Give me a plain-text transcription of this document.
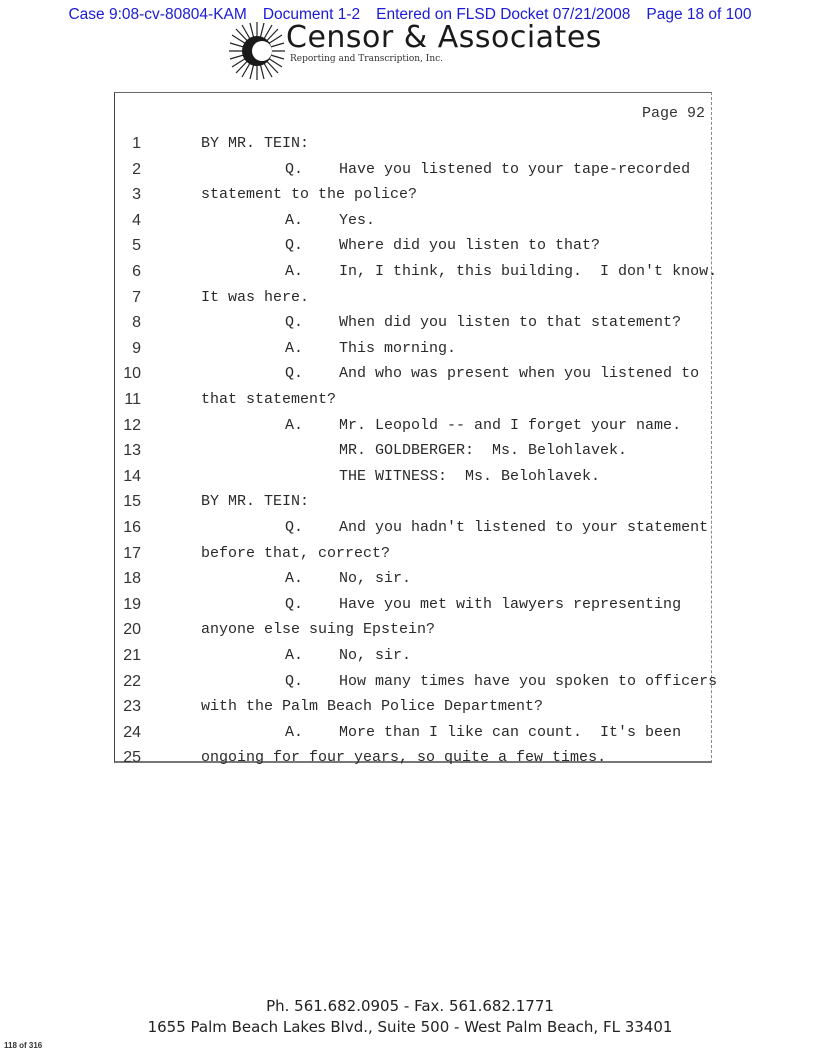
Case 9:08-cv-80804-KAM Document 1-2 Entered on FLSD Docket 07/21/2008 Page 18 of 100
Censor & Associates
Reporting and Transcription, Inc.
Page 92
1	BY MR. TEIN:
2	Q.    Have you listened to your tape-recorded
3	statement to the police?
4	A.    Yes.
5	Q.    Where did you listen to that?
6	A.    In, I think, this building.  I don't know.
7	It was here.
8	Q.    When did you listen to that statement?
9	A.    This morning.
10	Q.    And who was present when you listened to
11	that statement?
12	A.    Mr. Leopold -- and I forget your name.
13	MR. GOLDBERGER:  Ms. Belohlavek.
14	THE WITNESS:  Ms. Belohlavek.
15	BY MR. TEIN:
16	Q.    And you hadn't listened to your statement
17	before that, correct?
18	A.    No, sir.
19	Q.    Have you met with lawyers representing
20	anyone else suing Epstein?
21	A.    No, sir.
22	Q.    How many times have you spoken to officers
23	with the Palm Beach Police Department?
24	A.    More than I like can count.  It's been
25	ongoing for four years, so quite a few times.
Ph. 561.682.0905 - Fax. 561.682.1771
1655 Palm Beach Lakes Blvd., Suite 500 - West Palm Beach, FL 33401
118 of 316
